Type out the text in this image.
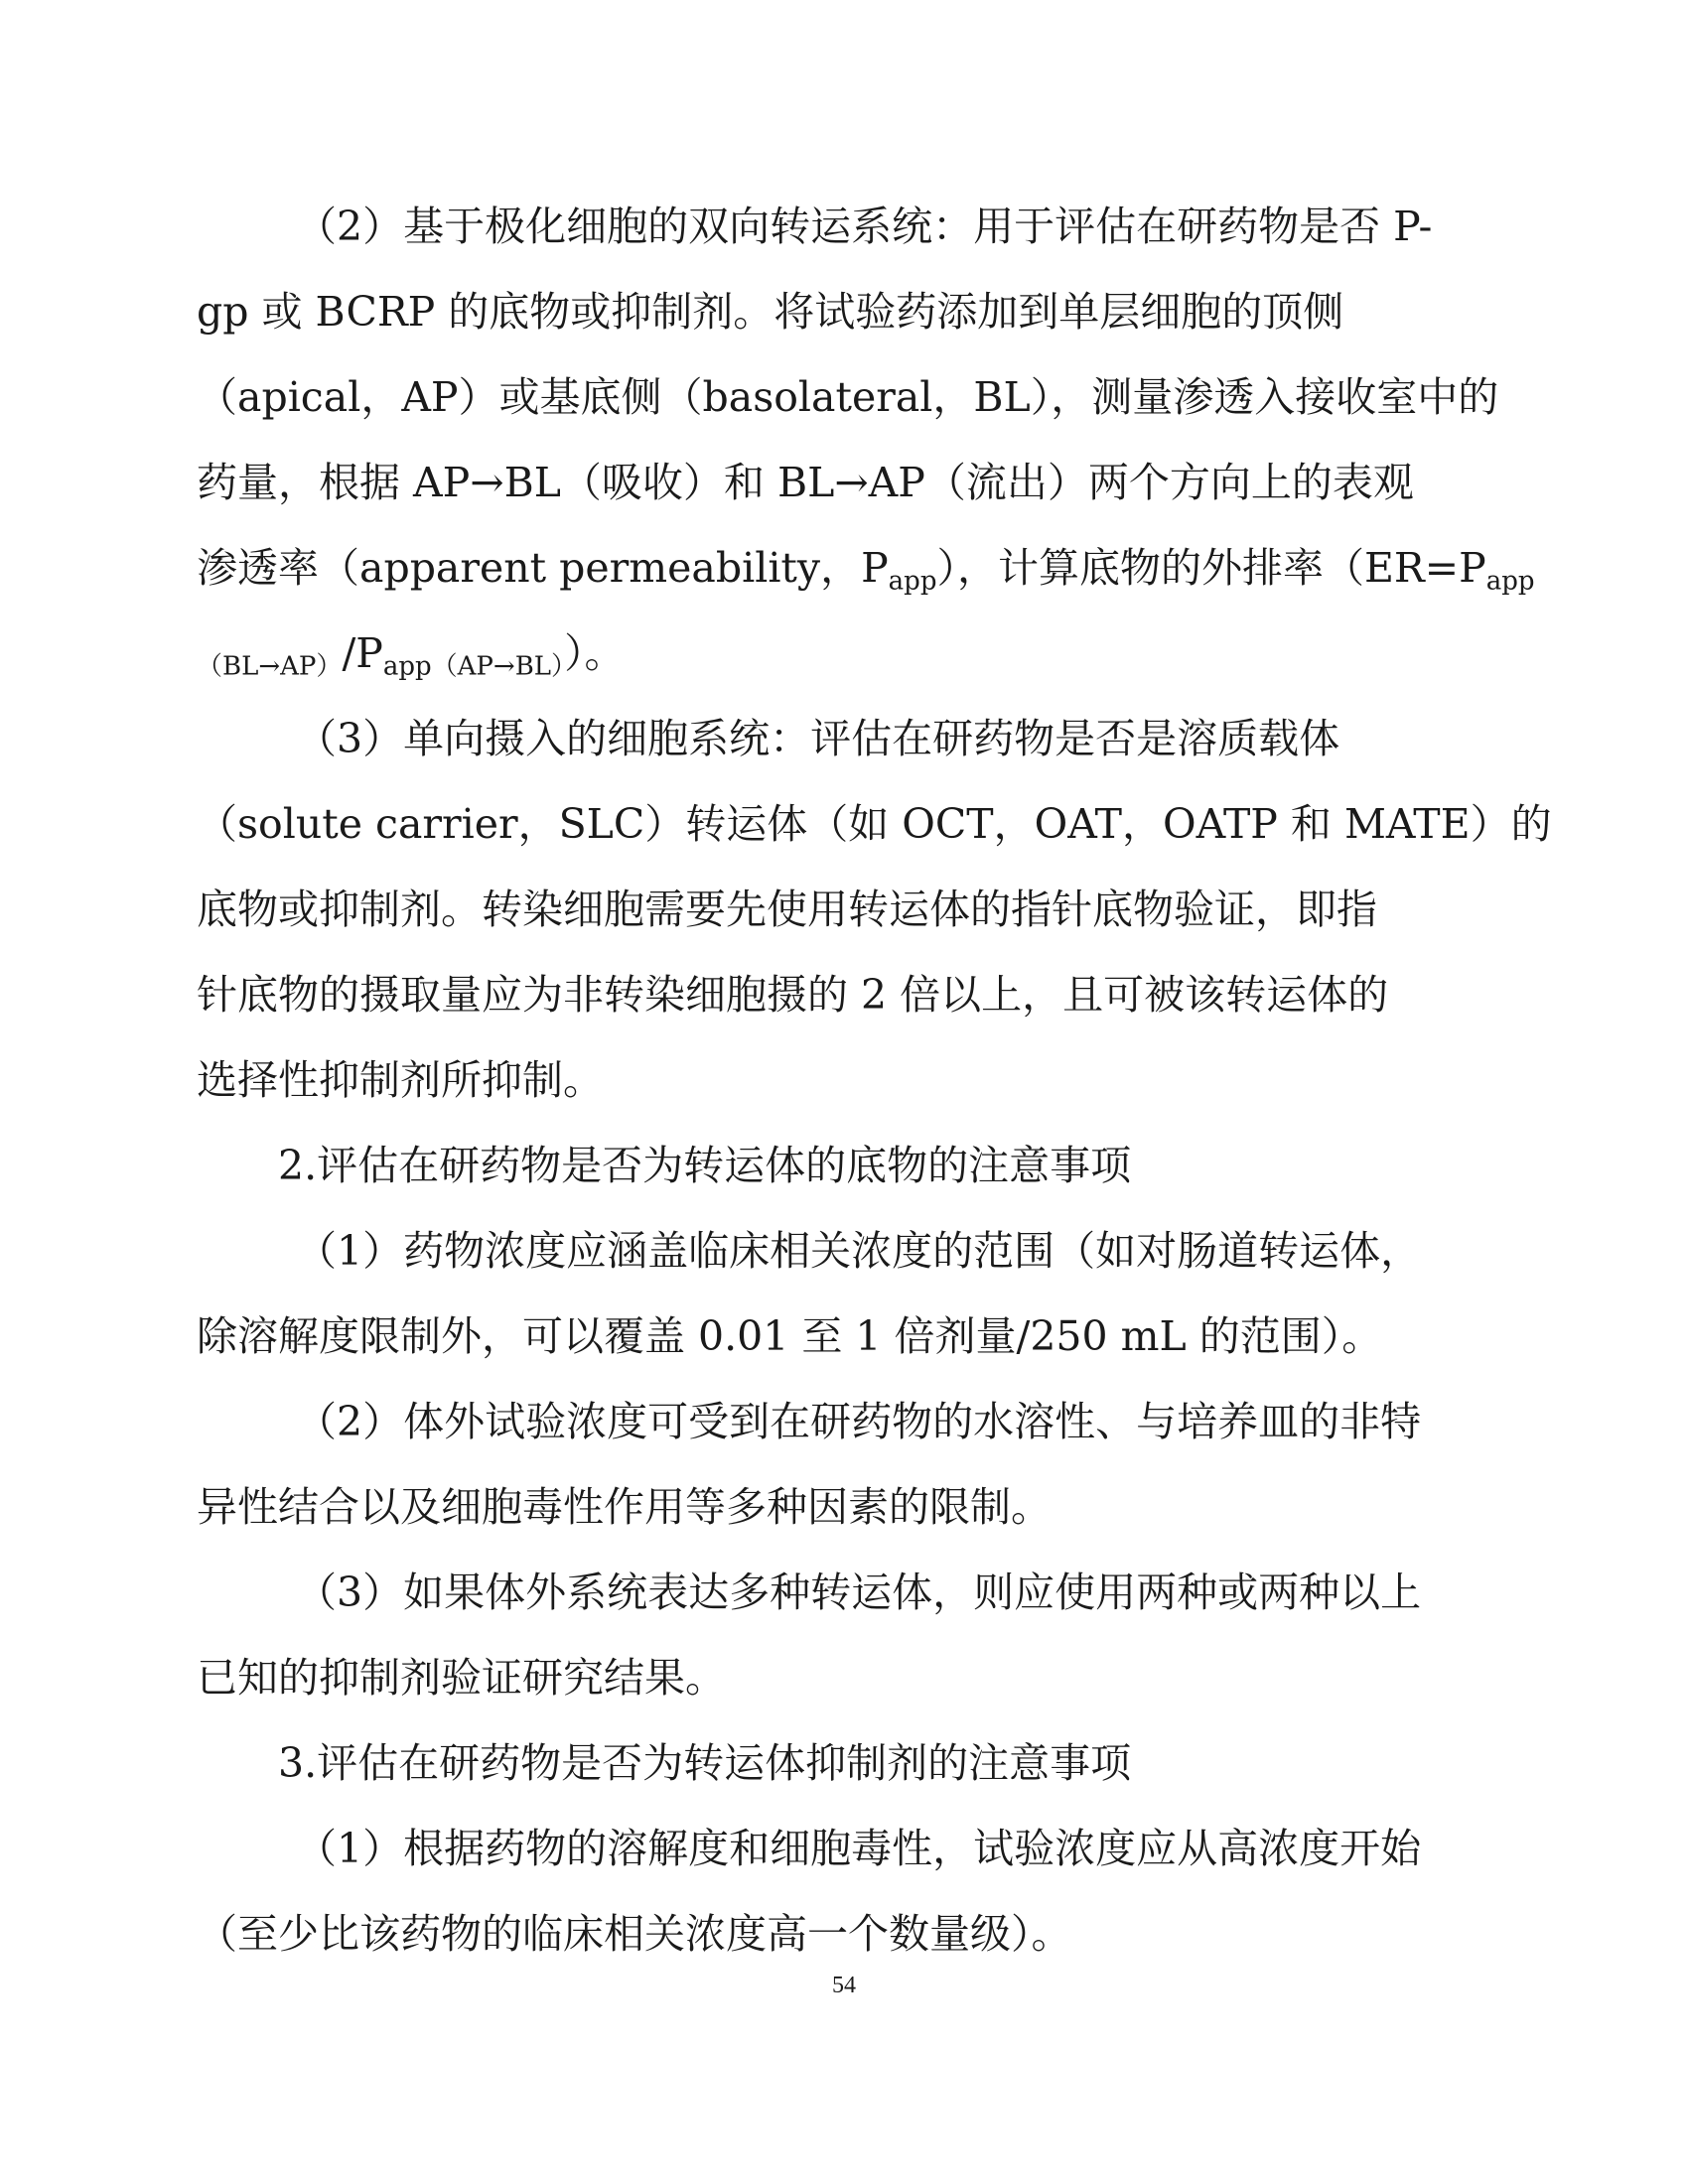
（2）基于极化细胞的双向转运系统：用于评估在研药物是否 P-
gp 或 BCRP 的底物或抑制剂。将试验药添加到单层细胞的顶侧
（apical，AP）或基底侧（basolateral，BL），测量渗透入接收室中的
药量，根据 AP→BL（吸收）和 BL→AP（流出）两个方向上的表观
渗透率（apparent permeability，$P_{app}$），计算底物的外排率（$ER=P_{app}$
$_{(BL\to AP)}/P_{app(AP\to BL)}$）。
（3）单向摄入的细胞系统：评估在研药物是否是溶质载体
（solute carrier，SLC）转运体（如 OCT，OAT，OATP 和 MATE）的
底物或抑制剂。转染细胞需要先使用转运体的指针底物验证，即指
针底物的摄取量应为非转染细胞摄的 2 倍以上，且可被该转运体的
选择性抑制剂所抑制。
2.评估在研药物是否为转运体的底物的注意事项
（1）药物浓度应涵盖临床相关浓度的范围（如对肠道转运体，
除溶解度限制外，可以覆盖 0.01 至 1 倍剂量/250 mL 的范围）。
（2）体外试验浓度可受到在研药物的水溶性、与培养皿的非特
异性结合以及细胞毒性作用等多种因素的限制。
（3）如果体外系统表达多种转运体，则应使用两种或两种以上
已知的抑制剂验证研究结果。
3.评估在研药物是否为转运体抑制剂的注意事项
（1）根据药物的溶解度和细胞毒性，试验浓度应从高浓度开始
（至少比该药物的临床相关浓度高一个数量级）。
54
